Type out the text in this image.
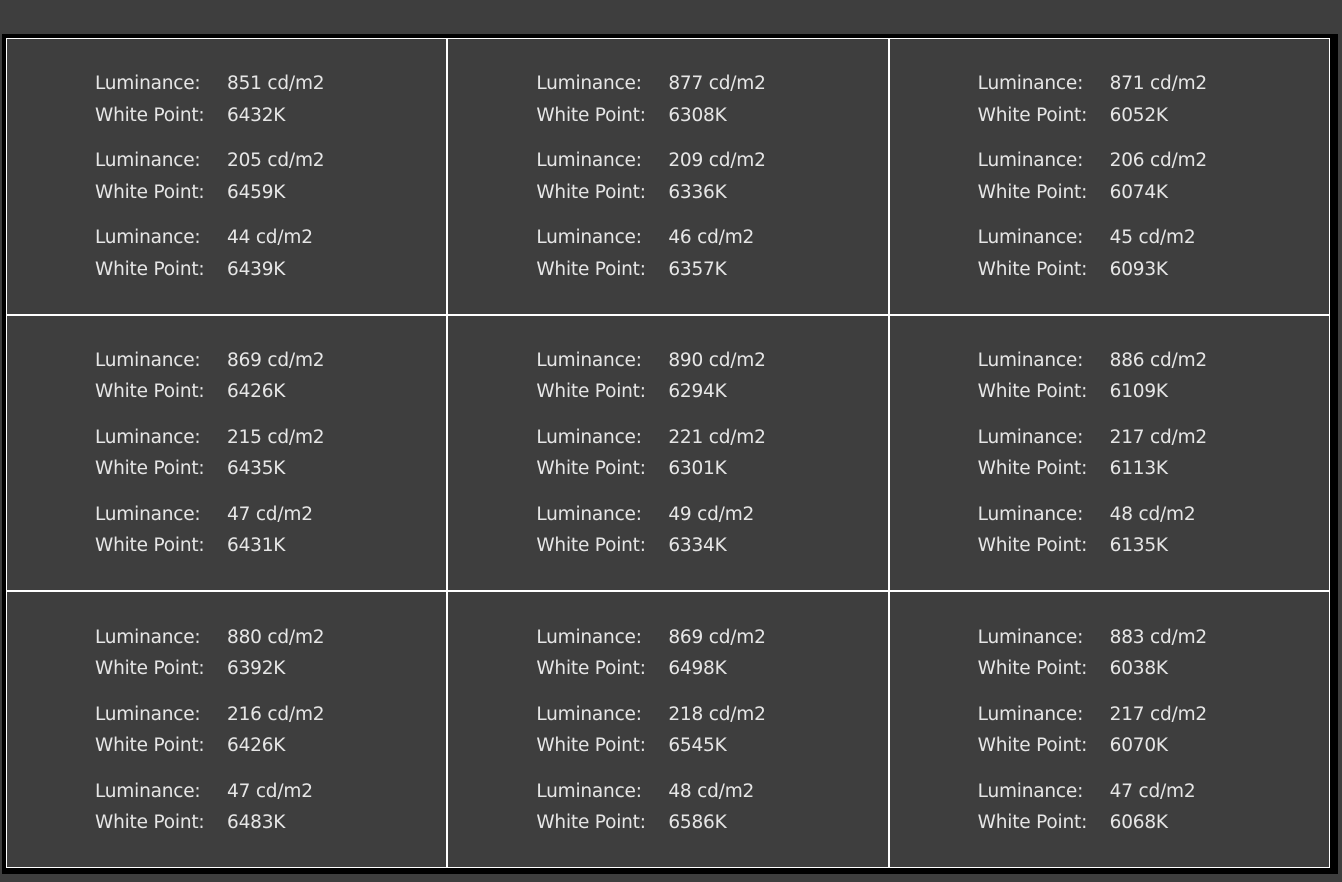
Luminance:	851 cd/m2
White Point:	6432K
Luminance:	205 cd/m2
White Point:	6459K
Luminance:	44 cd/m2
White Point:	6439K
Luminance:	877 cd/m2
White Point:	6308K
Luminance:	209 cd/m2
White Point:	6336K
Luminance:	46 cd/m2
White Point:	6357K
Luminance:	871 cd/m2
White Point:	6052K
Luminance:	206 cd/m2
White Point:	6074K
Luminance:	45 cd/m2
White Point:	6093K
Luminance:	869 cd/m2
White Point:	6426K
Luminance:	215 cd/m2
White Point:	6435K
Luminance:	47 cd/m2
White Point:	6431K
Luminance:	890 cd/m2
White Point:	6294K
Luminance:	221 cd/m2
White Point:	6301K
Luminance:	49 cd/m2
White Point:	6334K
Luminance:	886 cd/m2
White Point:	6109K
Luminance:	217 cd/m2
White Point:	6113K
Luminance:	48 cd/m2
White Point:	6135K
Luminance:	880 cd/m2
White Point:	6392K
Luminance:	216 cd/m2
White Point:	6426K
Luminance:	47 cd/m2
White Point:	6483K
Luminance:	869 cd/m2
White Point:	6498K
Luminance:	218 cd/m2
White Point:	6545K
Luminance:	48 cd/m2
White Point:	6586K
Luminance:	883 cd/m2
White Point:	6038K
Luminance:	217 cd/m2
White Point:	6070K
Luminance:	47 cd/m2
White Point:	6068K
